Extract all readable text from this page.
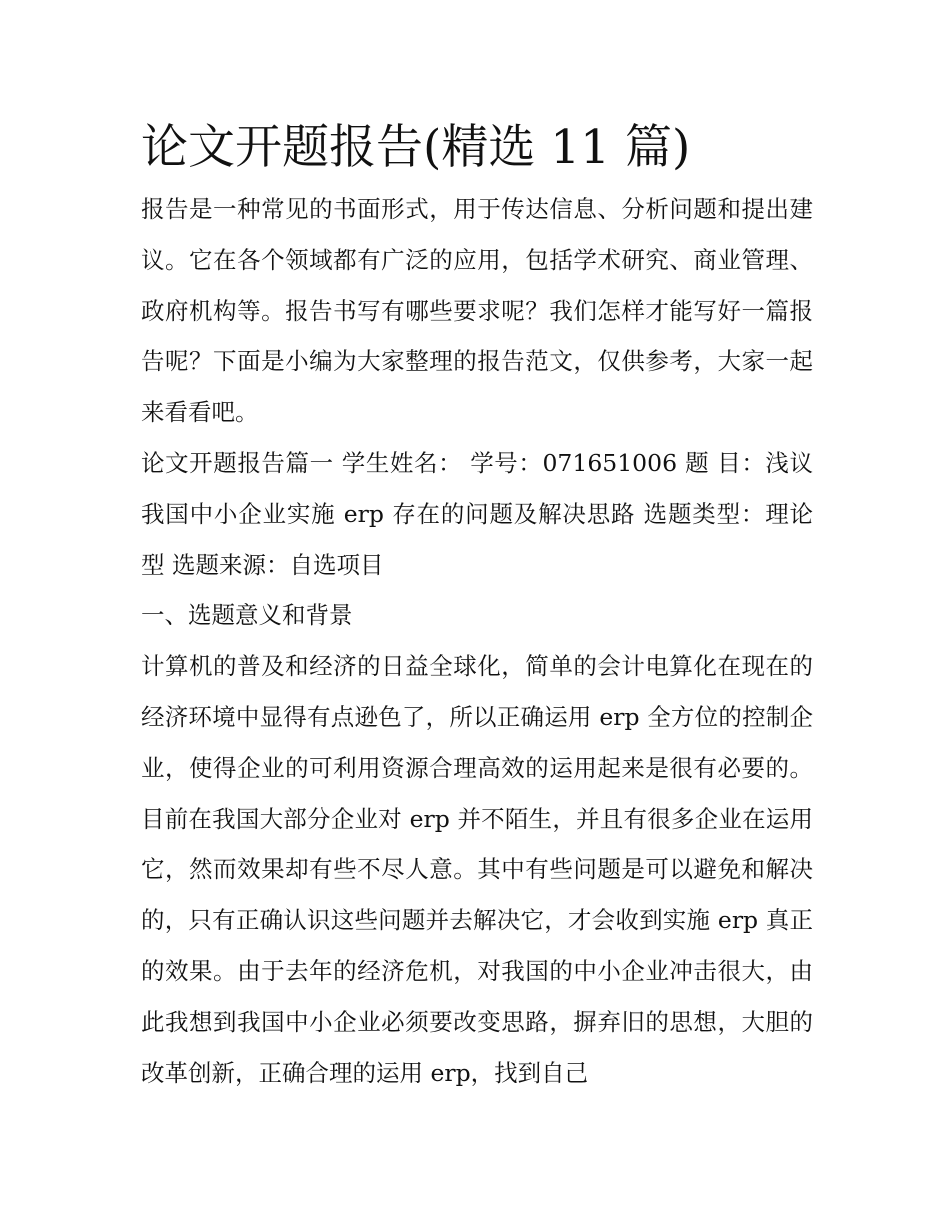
论文开题报告(精选 11 篇)

报告是一种常见的书面形式，用于传达信息、分析问题和提出建议。它在各个领域都有广泛的应用，包括学术研究、商业管理、政府机构等。报告书写有哪些要求呢？我们怎样才能写好一篇报告呢？下面是小编为大家整理的报告范文，仅供参考，大家一起来看看吧。

论文开题报告篇一 学生姓名： 学号：071651006 题 目：浅议我国中小企业实施 erp 存在的问题及解决思路 选题类型：理论型 选题来源：自选项目

一、选题意义和背景

计算机的普及和经济的日益全球化，简单的会计电算化在现在的经济环境中显得有点逊色了，所以正确运用 erp 全方位的控制企业，使得企业的可利用资源合理高效的运用起来是很有必要的。目前在我国大部分企业对 erp 并不陌生，并且有很多企业在运用它，然而效果却有些不尽人意。其中有些问题是可以避免和解决的，只有正确认识这些问题并去解决它，才会收到实施 erp 真正的效果。由于去年的经济危机，对我国的中小企业冲击很大，由此我想到我国中小企业必须要改变思路，摒弃旧的思想，大胆的改革创新，正确合理的运用 erp，找到自己
